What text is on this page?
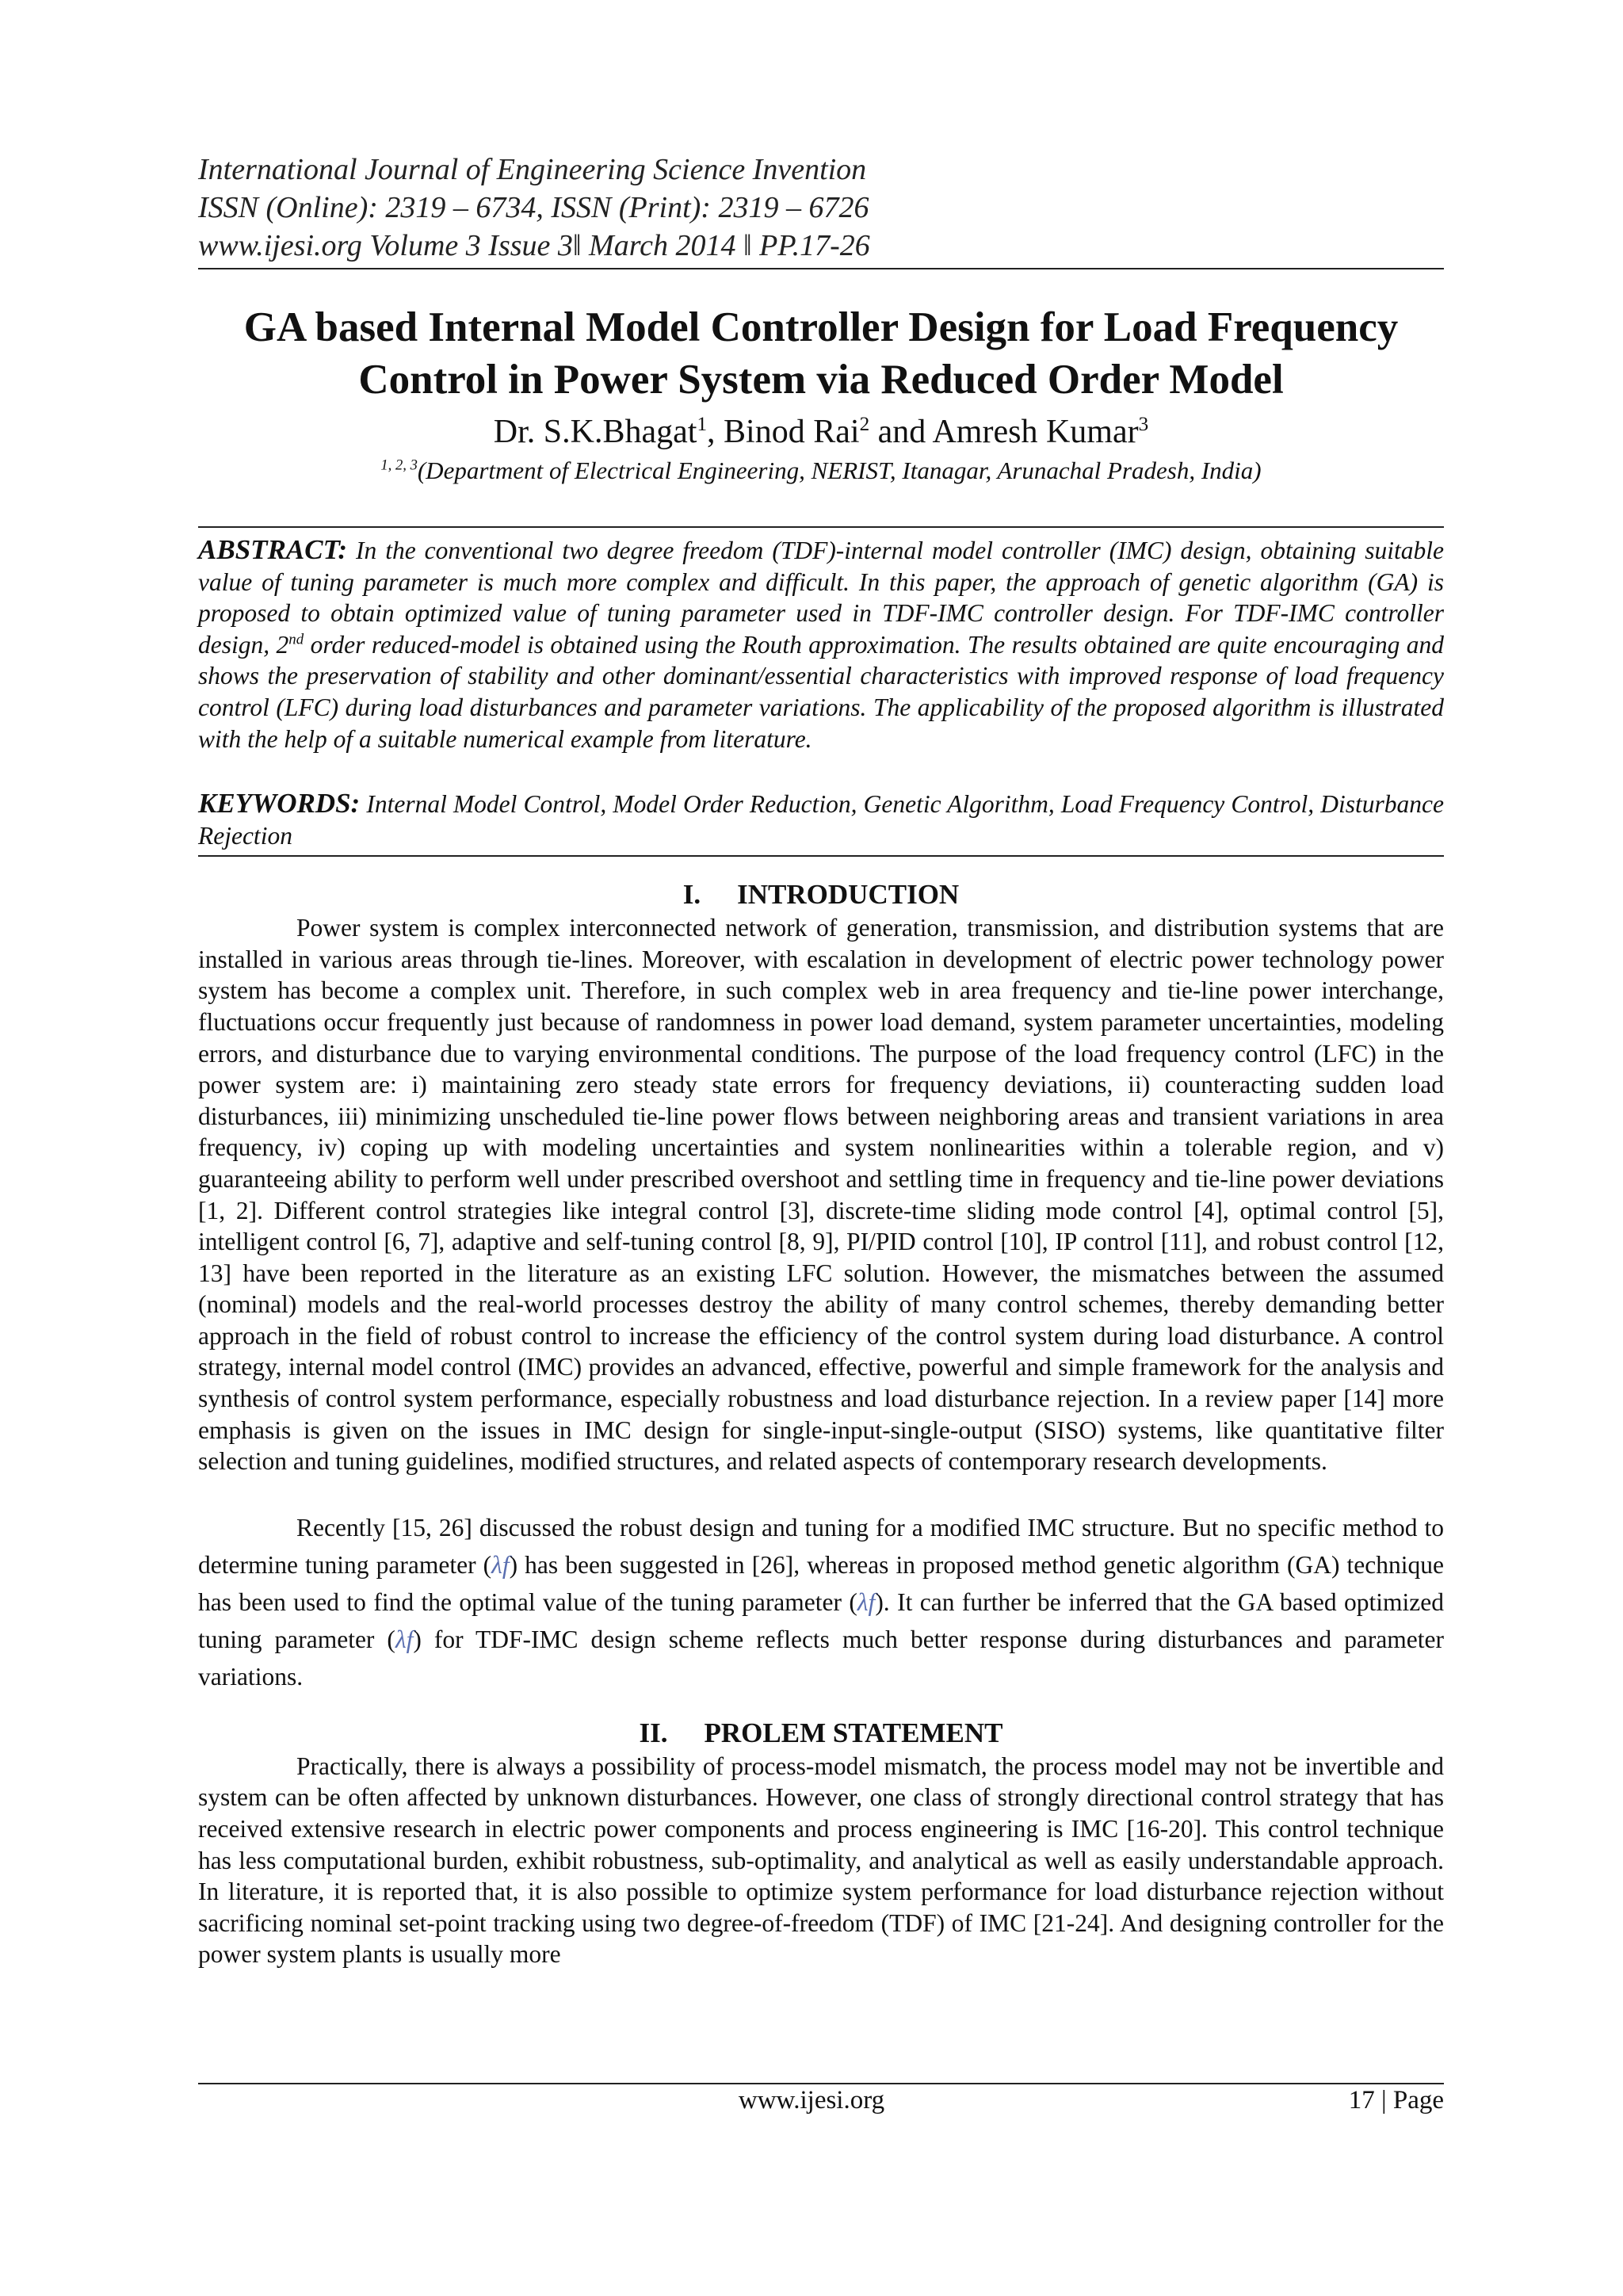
International Journal of Engineering Science Invention
ISSN (Online): 2319 – 6734, ISSN (Print): 2319 – 6726
www.ijesi.org Volume 3 Issue 3‖ March 2014 ‖ PP.17-26
GA based Internal Model Controller Design for Load Frequency
Control in Power System via Reduced Order Model
Dr. S.K.Bhagat$^1$, Binod Rai$^2$ and Amresh Kumar$^3$
$^{1, 2, 3}$(Department of Electrical Engineering, NERIST, Itanagar, Arunachal Pradesh, India)
ABSTRACT: In the conventional two degree freedom (TDF)-internal model controller (IMC) design, obtaining suitable value of tuning parameter is much more complex and difficult. In this paper, the approach of genetic algorithm (GA) is proposed to obtain optimized value of tuning parameter used in TDF-IMC controller design. For TDF-IMC controller design, 2nd order reduced-model is obtained using the Routh approximation. The results obtained are quite encouraging and shows the preservation of stability and other dominant/essential characteristics with improved response of load frequency control (LFC) during load disturbances and parameter variations. The applicability of the proposed algorithm is illustrated with the help of a suitable numerical example from literature.
KEYWORDS: Internal Model Control, Model Order Reduction, Genetic Algorithm, Load Frequency Control, Disturbance Rejection
I. INTRODUCTION

Power system is complex interconnected network of generation, transmission, and distribution systems that are installed in various areas through tie-lines. Moreover, with escalation in development of electric power technology power system has become a complex unit. Therefore, in such complex web in area frequency and tie-line power interchange, fluctuations occur frequently just because of randomness in power load demand, system parameter uncertainties, modeling errors, and disturbance due to varying environmental conditions. The purpose of the load frequency control (LFC) in the power system are: i) maintaining zero steady state errors for frequency deviations, ii) counteracting sudden load disturbances, iii) minimizing unscheduled tie-line power flows between neighboring areas and transient variations in area frequency, iv) coping up with modeling uncertainties and system nonlinearities within a tolerable region, and v) guaranteeing ability to perform well under prescribed overshoot and settling time in frequency and tie-line power deviations [1, 2]. Different control strategies like integral control [3], discrete-time sliding mode control [4], optimal control [5], intelligent control [6, 7], adaptive and self-tuning control [8, 9], PI/PID control [10], IP control [11], and robust control [12, 13] have been reported in the literature as an existing LFC solution. However, the mismatches between the assumed (nominal) models and the real-world processes destroy the ability of many control schemes, thereby demanding better approach in the field of robust control to increase the efficiency of the control system during load disturbance. A control strategy, internal model control (IMC) provides an advanced, effective, powerful and simple framework for the analysis and synthesis of control system performance, especially robustness and load disturbance rejection. In a review paper [14] more emphasis is given on the issues in IMC design for single-input-single-output (SISO) systems, like quantitative filter selection and tuning guidelines, modified structures, and related aspects of contemporary research developments.

Recently [15, 26] discussed the robust design and tuning for a modified IMC structure. But no specific method to determine tuning parameter (λf) has been suggested in [26], whereas in proposed method genetic algorithm (GA) technique has been used to find the optimal value of the tuning parameter (λf). It can further be inferred that the GA based optimized tuning parameter (λf) for TDF-IMC design scheme reflects much better response during disturbances and parameter variations.

II. PROLEM STATEMENT

Practically, there is always a possibility of process-model mismatch, the process model may not be invertible and system can be often affected by unknown disturbances. However, one class of strongly directional control strategy that has received extensive research in electric power components and process engineering is IMC [16-20]. This control technique has less computational burden, exhibit robustness, sub-optimality, and analytical as well as easily understandable approach. In literature, it is reported that, it is also possible to optimize system performance for load disturbance rejection without sacrificing nominal set-point tracking using two degree-of-freedom (TDF) of IMC [21-24]. And designing controller for the power system plants is usually more

www.ijesi.org	17 | Page
